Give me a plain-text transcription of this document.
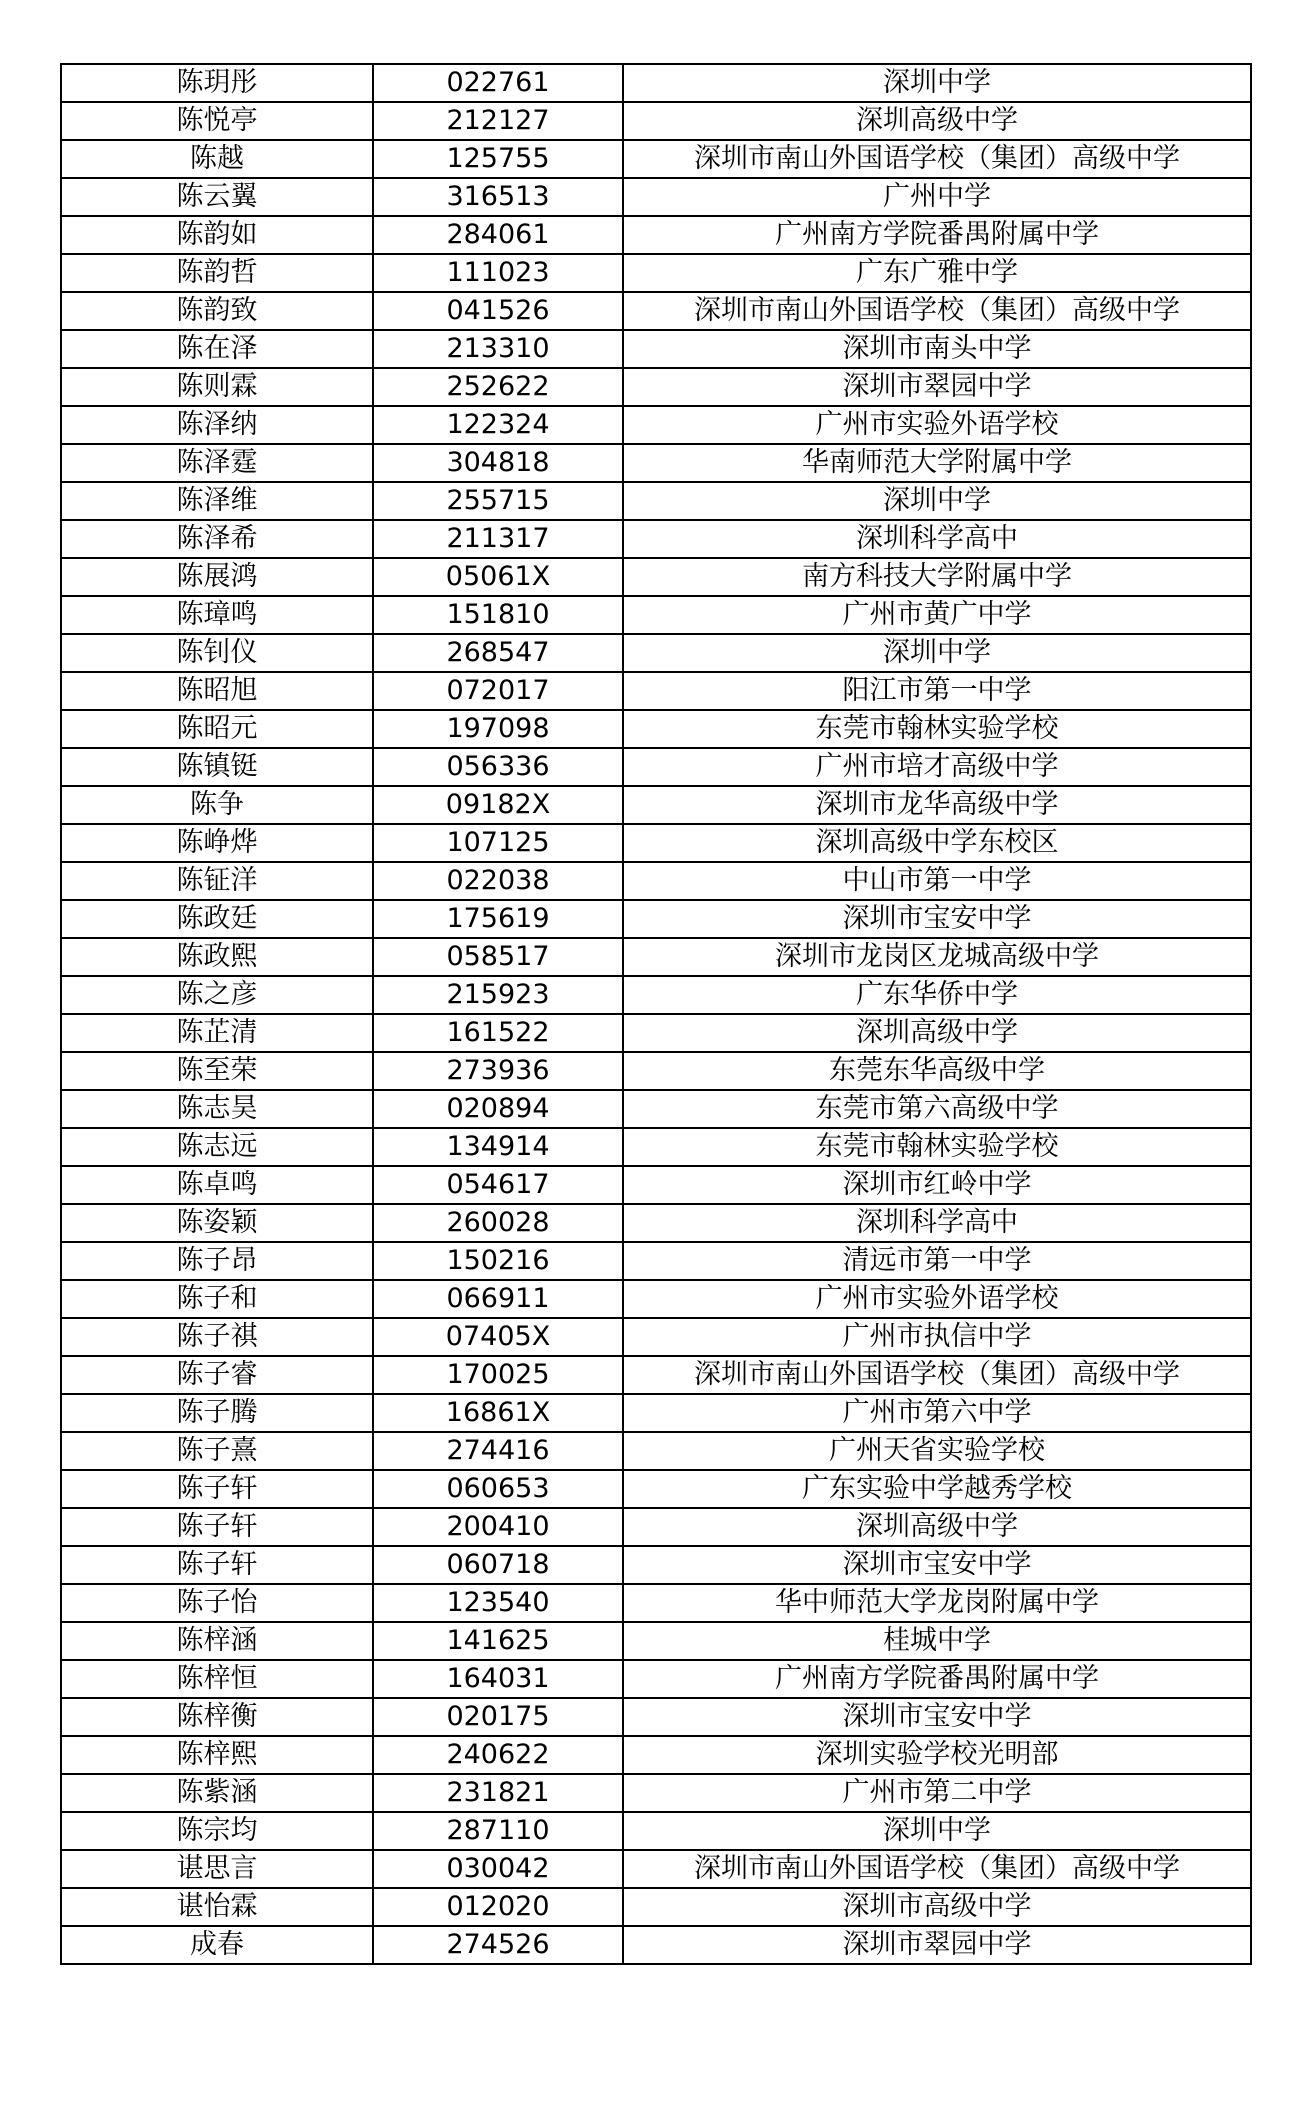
陈玥彤	022761	深圳中学
陈悦亭	212127	深圳高级中学
陈越	125755	深圳市南山外国语学校（集团）高级中学
陈云翼	316513	广州中学
陈韵如	284061	广州南方学院番禺附属中学
陈韵哲	111023	广东广雅中学
陈韵致	041526	深圳市南山外国语学校（集团）高级中学
陈在泽	213310	深圳市南头中学
陈则霖	252622	深圳市翠园中学
陈泽纳	122324	广州市实验外语学校
陈泽霆	304818	华南师范大学附属中学
陈泽维	255715	深圳中学
陈泽希	211317	深圳科学高中
陈展鸿	05061X	南方科技大学附属中学
陈璋鸣	151810	广州市黄广中学
陈钊仪	268547	深圳中学
陈昭旭	072017	阳江市第一中学
陈昭元	197098	东莞市翰林实验学校
陈镇铤	056336	广州市培才高级中学
陈争	09182X	深圳市龙华高级中学
陈峥烨	107125	深圳高级中学东校区
陈钲洋	022038	中山市第一中学
陈政廷	175619	深圳市宝安中学
陈政熙	058517	深圳市龙岗区龙城高级中学
陈之彦	215923	广东华侨中学
陈芷清	161522	深圳高级中学
陈至荣	273936	东莞东华高级中学
陈志昊	020894	东莞市第六高级中学
陈志远	134914	东莞市翰林实验学校
陈卓鸣	054617	深圳市红岭中学
陈姿颖	260028	深圳科学高中
陈子昂	150216	清远市第一中学
陈子和	066911	广州市实验外语学校
陈子祺	07405X	广州市执信中学
陈子睿	170025	深圳市南山外国语学校（集团）高级中学
陈子腾	16861X	广州市第六中学
陈子熹	274416	广州天省实验学校
陈子轩	060653	广东实验中学越秀学校
陈子轩	200410	深圳高级中学
陈子轩	060718	深圳市宝安中学
陈子怡	123540	华中师范大学龙岗附属中学
陈梓涵	141625	桂城中学
陈梓恒	164031	广州南方学院番禺附属中学
陈梓衡	020175	深圳市宝安中学
陈梓熙	240622	深圳实验学校光明部
陈紫涵	231821	广州市第二中学
陈宗均	287110	深圳中学
谌思言	030042	深圳市南山外国语学校（集团）高级中学
谌怡霖	012020	深圳市高级中学
成春	274526	深圳市翠园中学
